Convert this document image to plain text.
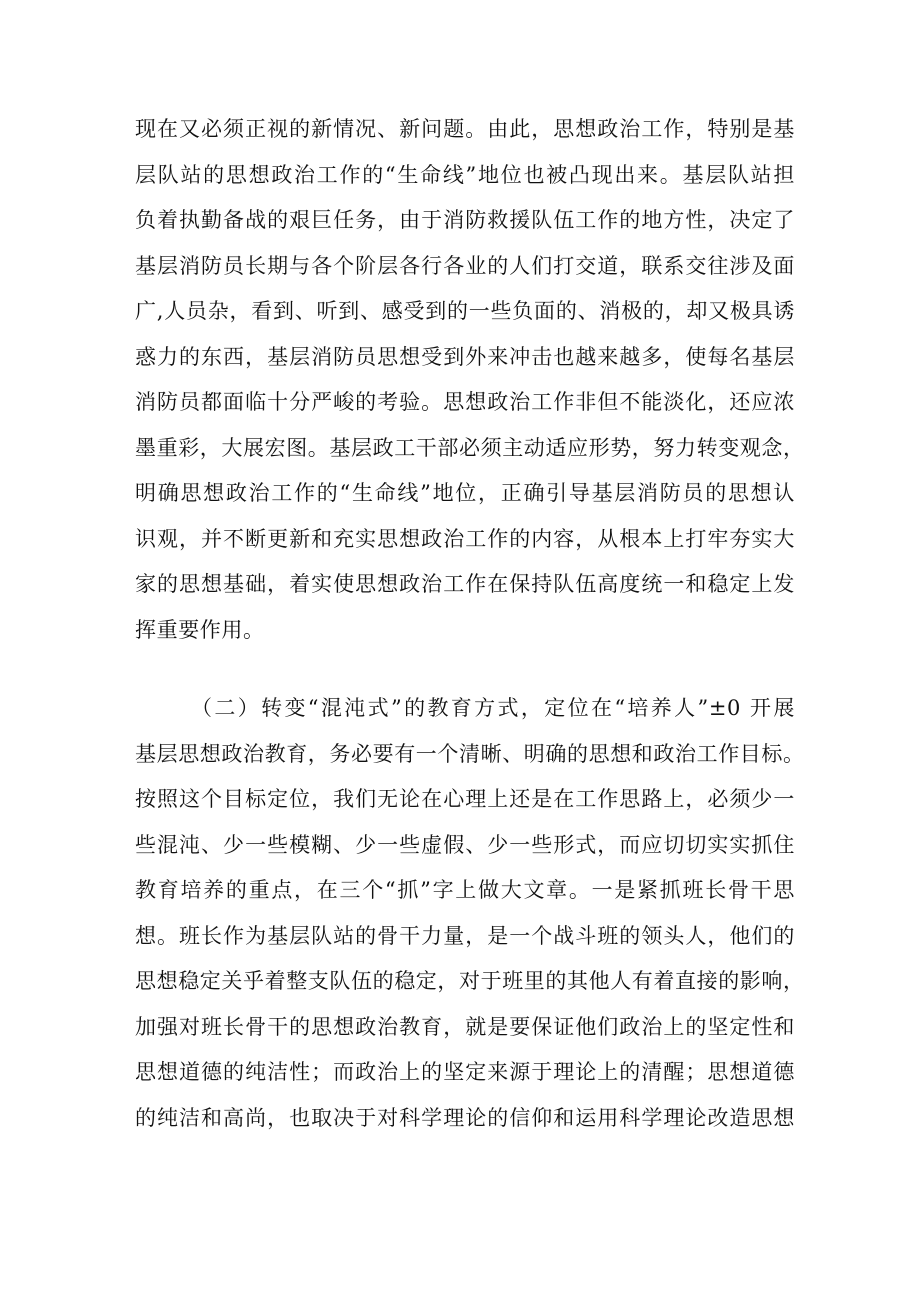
现在又必须正视的新情况、新问题。由此，思想政治工作，特别是基
层队站的思想政治工作的“生命线”地位也被凸现出来。基层队站担
负着执勤备战的艰巨任务，由于消防救援队伍工作的地方性，决定了
基层消防员长期与各个阶层各行各业的人们打交道，联系交往涉及面
广,人员杂，看到、听到、感受到的一些负面的、消极的，却又极具诱
惑力的东西，基层消防员思想受到外来冲击也越来越多，使每名基层
消防员都面临十分严峻的考验。思想政治工作非但不能淡化，还应浓
墨重彩，大展宏图。基层政工干部必须主动适应形势，努力转变观念，
明确思想政治工作的“生命线”地位，正确引导基层消防员的思想认
识观，并不断更新和充实思想政治工作的内容，从根本上打牢夯实大
家的思想基础，着实使思想政治工作在保持队伍高度统一和稳定上发
挥重要作用。
（二）转变“混沌式”的教育方式，定位在“培养人”±0 开展
基层思想政治教育，务必要有一个清晰、明确的思想和政治工作目标。
按照这个目标定位，我们无论在心理上还是在工作思路上，必须少一
些混沌、少一些模糊、少一些虚假、少一些形式，而应切切实实抓住
教育培养的重点，在三个“抓”字上做大文章。一是紧抓班长骨干思
想。班长作为基层队站的骨干力量，是一个战斗班的领头人，他们的
思想稳定关乎着整支队伍的稳定，对于班里的其他人有着直接的影响，
加强对班长骨干的思想政治教育，就是要保证他们政治上的坚定性和
思想道德的纯洁性；而政治上的坚定来源于理论上的清醒；思想道德
的纯洁和高尚，也取决于对科学理论的信仰和运用科学理论改造思想
